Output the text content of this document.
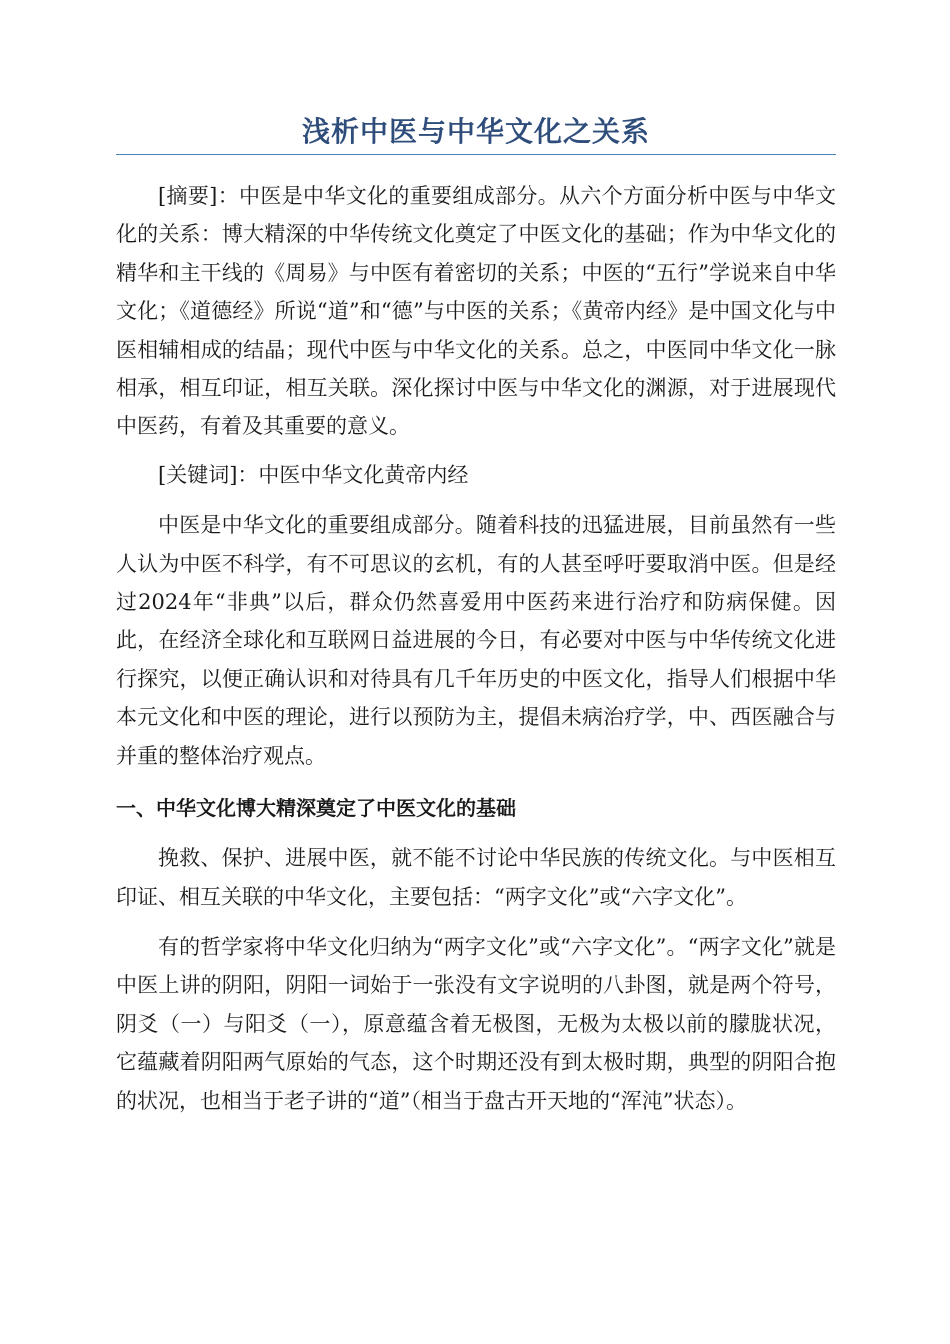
浅析中医与中华文化之关系

[摘要]：中医是中华文化的重要组成部分。从六个方面分析中医与中华文化的关系：博大精深的中华传统文化奠定了中医文化的基础；作为中华文化的精华和主干线的《周易》与中医有着密切的关系；中医的“五行”学说来自中华文化；《道德经》所说“道”和“德”与中医的关系；《黄帝内经》是中国文化与中医相辅相成的结晶；现代中医与中华文化的关系。总之，中医同中华文化一脉相承，相互印证，相互关联。深化探讨中医与中华文化的渊源，对于进展现代中医药，有着及其重要的意义。

[关键词]：中医中华文化黄帝内经

中医是中华文化的重要组成部分。随着科技的迅猛进展，目前虽然有一些人认为中医不科学，有不可思议的玄机，有的人甚至呼吁要取消中医。但是经过2024年“非典”以后，群众仍然喜爱用中医药来进行治疗和防病保健。因此，在经济全球化和互联网日益进展的今日，有必要对中医与中华传统文化进行探究，以便正确认识和对待具有几千年历史的中医文化，指导人们根据中华本元文化和中医的理论，进行以预防为主，提倡未病治疗学，中、西医融合与并重的整体治疗观点。

一、中华文化博大精深奠定了中医文化的基础

挽救、保护、进展中医，就不能不讨论中华民族的传统文化。与中医相互印证、相互关联的中华文化，主要包括：“两字文化”或“六字文化”。

有的哲学家将中华文化归纳为“两字文化”或“六字文化”。“两字文化”就是中医上讲的阴阳，阴阳一词始于一张没有文字说明的八卦图，就是两个符号，阴爻（一）与阳爻（一），原意蕴含着无极图，无极为太极以前的朦胧状况，它蕴藏着阴阳两气原始的气态，这个时期还没有到太极时期，典型的阴阳合抱的状况，也相当于老子讲的“道”（相当于盘古开天地的“浑沌”状态）。
